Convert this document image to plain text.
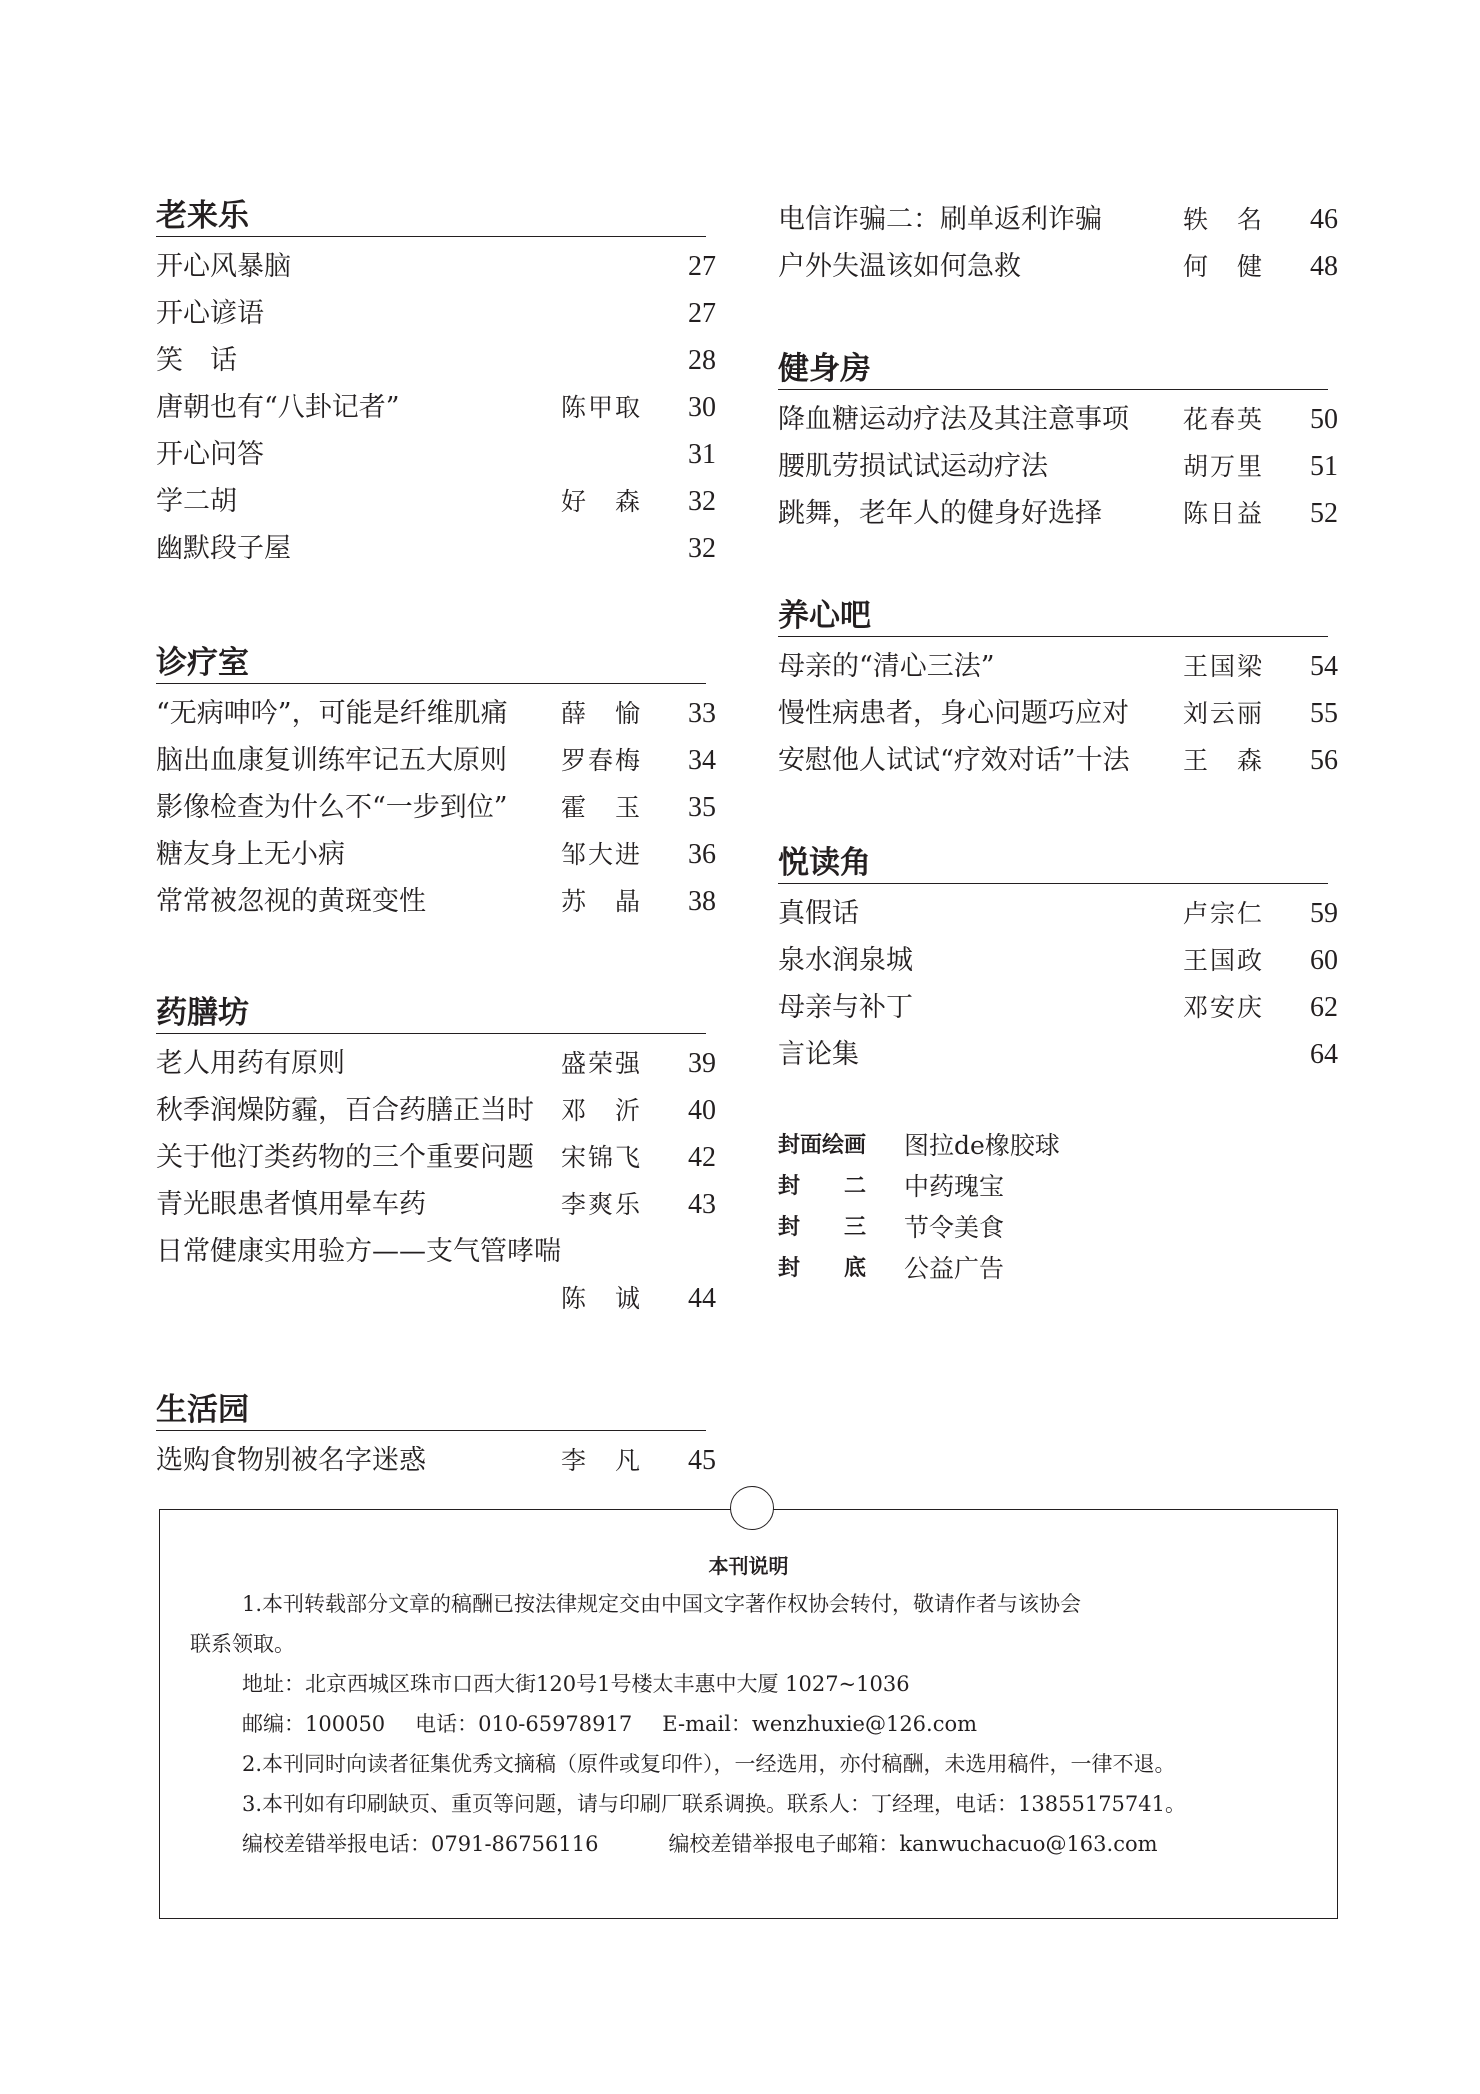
老来乐
开心风暴脑	27
开心谚语	27
笑　话	28
唐朝也有“八卦记者”	陈甲取	30
开心问答	31
学二胡	好　森	32
幽默段子屋	32
诊疗室
“无病呻吟”，可能是纤维肌痛 薛　愉	33
脑出血康复训练牢记五大原则 罗春梅	34
影像检查为什么不“一步到位” 霍　玉	35
糖友身上无小病	邹大进	36
常常被忽视的黄斑变性	苏　晶	38
药膳坊
老人用药有原则	盛荣强	39
秋季润燥防霾，百合药膳正当时 邓　沂	40
关于他汀类药物的三个重要问题 宋锦飞	42
青光眼患者慎用晕车药	李爽乐	43
日常健康实用验方——支气管哮喘
陈　诚	44
生活园
选购食物别被名字迷惑	李　凡	45
电信诈骗二：刷单返利诈骗	轶　名	46
户外失温该如何急救	何　健	48
健身房
降血糖运动疗法及其注意事项 花春英	50
腰肌劳损试试运动疗法	胡万里	51
跳舞，老年人的健身好选择	陈日益	52
养心吧
母亲的“清心三法”	王国梁	54
慢性病患者，身心问题巧应对 刘云丽	55
安慰他人试试“疗效对话”十法 王　森	56
悦读角
真假话	卢宗仁	59
泉水润泉城	王国政	60
母亲与补丁	邓安庆	62
言论集	64
封面绘画 图拉de橡胶球
封　　二 中药瑰宝
封　　三 节令美食
封　　底 公益广告
本刊说明

1.本刊转载部分文章的稿酬已按法律规定交由中国文字著作权协会转付，敬请作者与该协会

联系领取。

地址：北京西城区珠市口西大街120号1号楼太丰惠中大厦 1027~1036

邮编：100050 电话：010-65978917 E-mail：wenzhuxie@126.com

2.本刊同时向读者征集优秀文摘稿（原件或复印件），一经选用，亦付稿酬，未选用稿件，一律不退。

3.本刊如有印刷缺页、重页等问题，请与印刷厂联系调换。联系人：丁经理，电话：13855175741。

编校差错举报电话：0791-86756116	编校差错举报电子邮箱：kanwuchacuo@163.com
